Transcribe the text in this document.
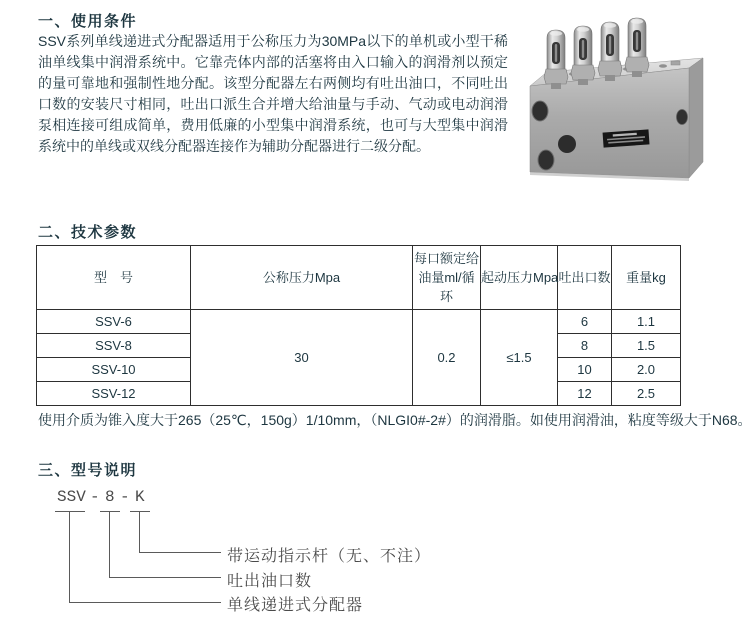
一、使用条件
SSV系列单线递进式分配器适用于公称压力为30MPa以下的单机或小型干稀油单线集中润滑系统中。它靠壳体内部的活塞将由入口输入的润滑剂以预定的量可靠地和强制性地分配。该型分配器左右两侧均有吐出油口，不同吐出口数的安装尺寸相同，吐出口派生合并增大给油量与手动、气动或电动润滑泵相连接可组成简单，费用低廉的小型集中润滑系统，也可与大型集中润滑系统中的单线或双线分配器连接作为辅助分配器进行二级分配。
二、技术参数
型　号	公称压力Mpa	每口额定给油量ml/循环	起动压力Mpa	吐出口数	重量kg
SSV-6	30	0.2	≤1.5	6	1.1
SSV-8				8	1.5
SSV-10				10	2.0
SSV-12				12	2.5
使用介质为锥入度大于265（25℃，150g）1/10mm，（NLGI0#-2#）的润滑脂。如使用润滑油，粘度等级大于N68。
三、型号说明
SSV - 8 - K
带运动指示杆（无、不注）
吐出油口数
单线递进式分配器
